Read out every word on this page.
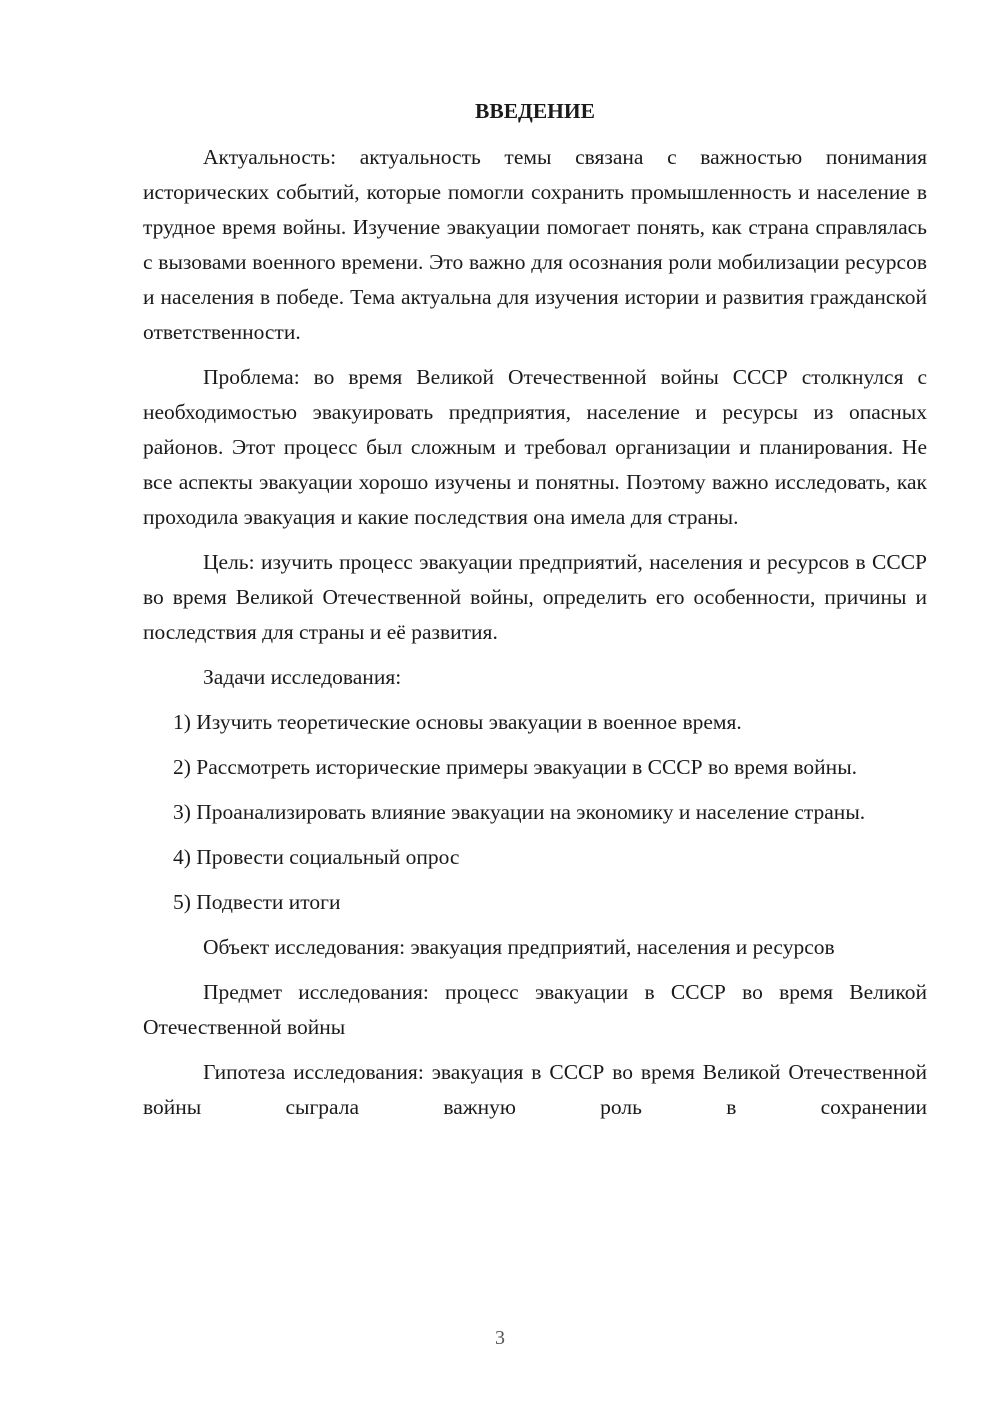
ВВЕДЕНИЕ

Актуальность: актуальность темы связана с важностью понимания исторических событий, которые помогли сохранить промышленность и население в трудное время войны. Изучение эвакуации помогает понять, как страна справлялась с вызовами военного времени. Это важно для осознания роли мобилизации ресурсов и населения в победе. Тема актуальна для изучения истории и развития гражданской ответственности.

Проблема: во время Великой Отечественной войны СССР столкнулся с необходимостью эвакуировать предприятия, население и ресурсы из опасных районов. Этот процесс был сложным и требовал организации и планирования. Не все аспекты эвакуации хорошо изучены и понятны. Поэтому важно исследовать, как проходила эвакуация и какие последствия она имела для страны.

Цель: изучить процесс эвакуации предприятий, населения и ресурсов в СССР во время Великой Отечественной войны, определить его особенности, причины и последствия для страны и её развития.

Задачи исследования:

1) Изучить теоретические основы эвакуации в военное время.

2) Рассмотреть исторические примеры эвакуации в СССР во время войны.

3) Проанализировать влияние эвакуации на экономику и население страны.

4) Провести социальный опрос

5) Подвести итоги

Объект исследования: эвакуация предприятий, населения и ресурсов

Предмет исследования: процесс эвакуации в СССР во время Великой Отечественной войны

Гипотеза исследования: эвакуация в СССР во время Великой Отечественной войны сыграла важную роль в сохранении

3
